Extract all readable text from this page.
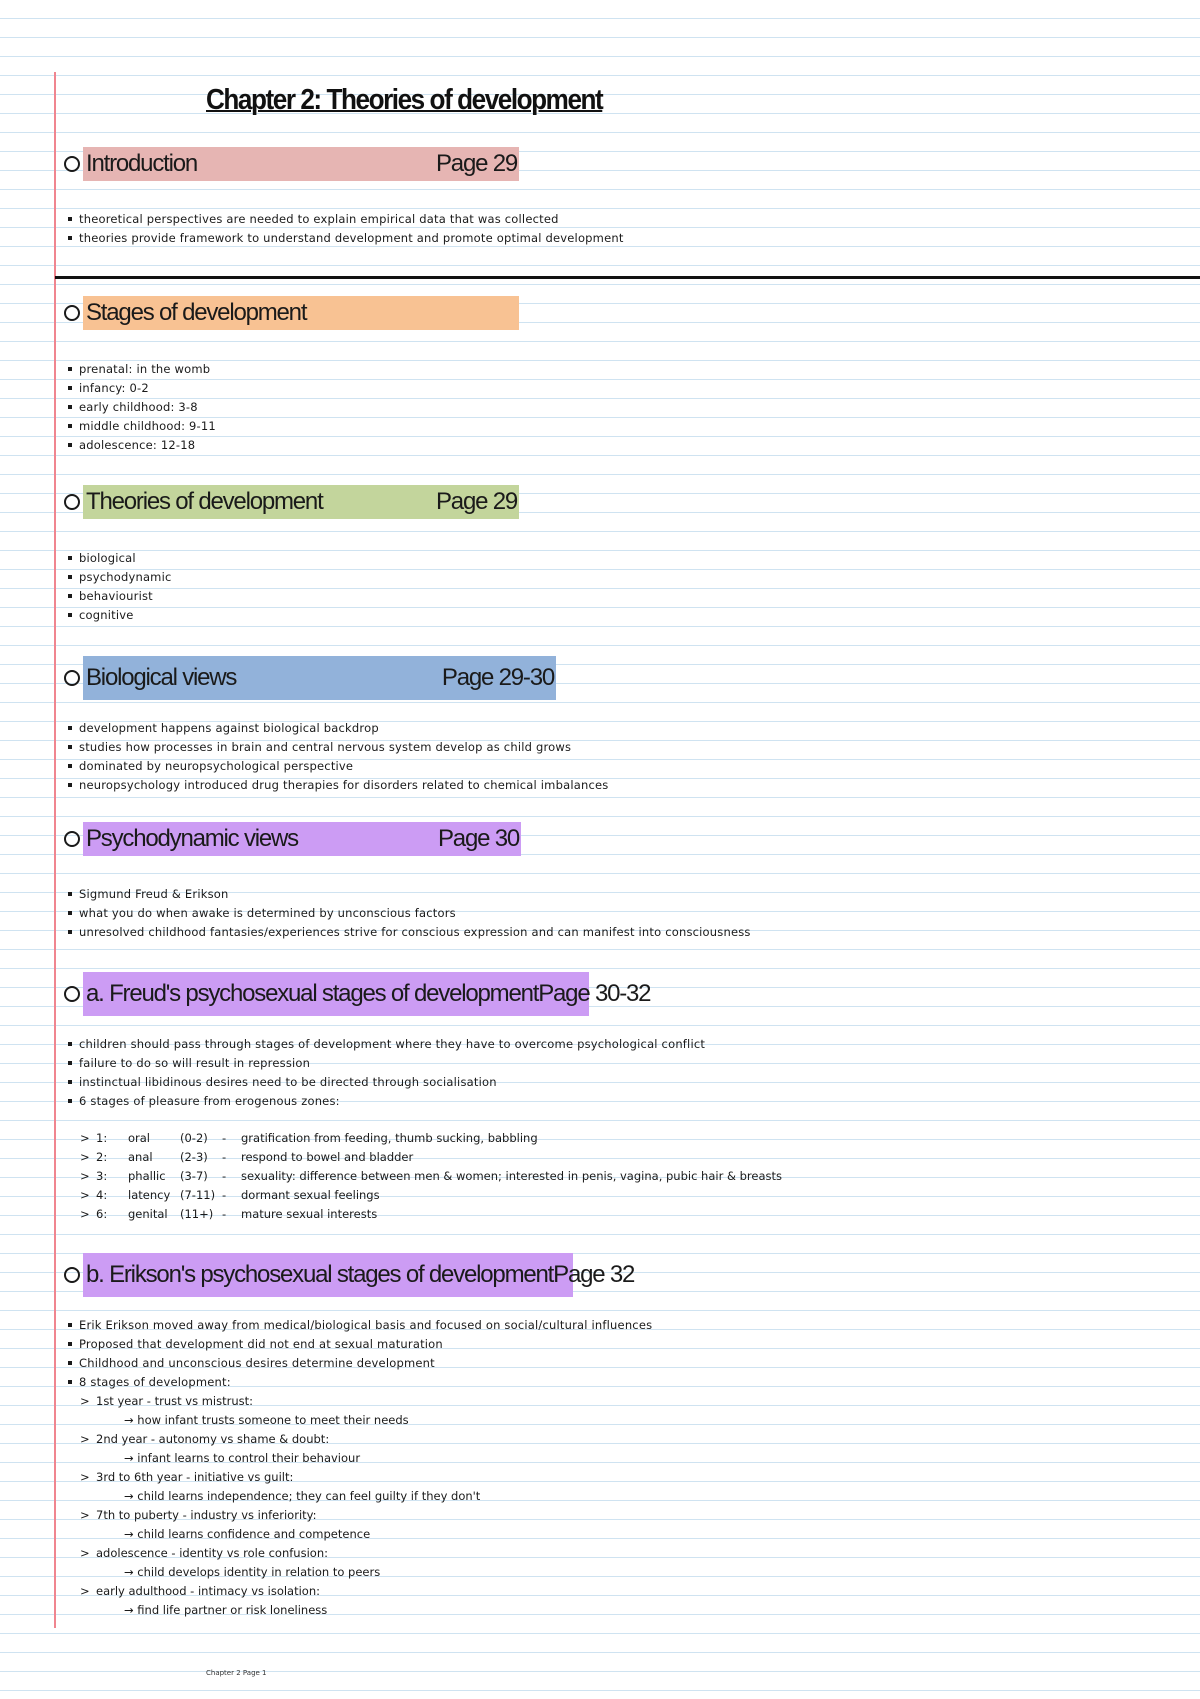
Chapter 2: Theories of development
Introduction	Page 29
theoretical perspectives are needed to explain empirical data that was collected
theories provide framework to understand development and promote optimal development
Stages of development
prenatal: in the womb
infancy: 0-2
early childhood: 3-8
middle childhood: 9-11
adolescence: 12-18
Theories of development	Page 29
biological
psychodynamic
behaviourist
cognitive
Biological views	Page 29-30
development happens against biological backdrop
studies how processes in brain and central nervous system develop as child grows
dominated by neuropsychological perspective
neuropsychology introduced drug therapies for disorders related to chemical imbalances
Psychodynamic views	Page 30
Sigmund Freud & Erikson
what you do when awake is determined by unconscious factors
unresolved childhood fantasies/experiences strive for conscious expression and can manifest into consciousness
a. Freud's psychosexual stages of development Page 30-32
children should pass through stages of development where they have to overcome psychological conflict
failure to do so will result in repression
instinctual libidinous desires need to be directed through socialisation
6 stages of pleasure from erogenous zones:
> 1: oral	(0-2) - gratification from feeding, thumb sucking, babbling
> 2: anal (2-3) - respond to bowel and bladder
> 3: phallic (3-7) - sexuality: difference between men & women; interested in penis, vagina, pubic hair & breasts
> 4: latency (7-11) - dormant sexual feelings
> 6: genital (11+) - mature sexual interests
b. Erikson's psychosexual stages of development Page 32
Erik Erikson moved away from medical/biological basis and focused on social/cultural influences
Proposed that development did not end at sexual maturation
Childhood and unconscious desires determine development
8 stages of development:
> 1st year - trust vs mistrust:
→ how infant trusts someone to meet their needs
> 2nd year - autonomy vs shame & doubt:
→ infant learns to control their behaviour
> 3rd to 6th year - initiative vs guilt:
→ child learns independence; they can feel guilty if they don't
> 7th to puberty - industry vs inferiority:
→ child learns confidence and competence
> adolescence - identity vs role confusion:
→ child develops identity in relation to peers
> early adulthood - intimacy vs isolation:
→ find life partner or risk loneliness
Chapter 2 Page 1
